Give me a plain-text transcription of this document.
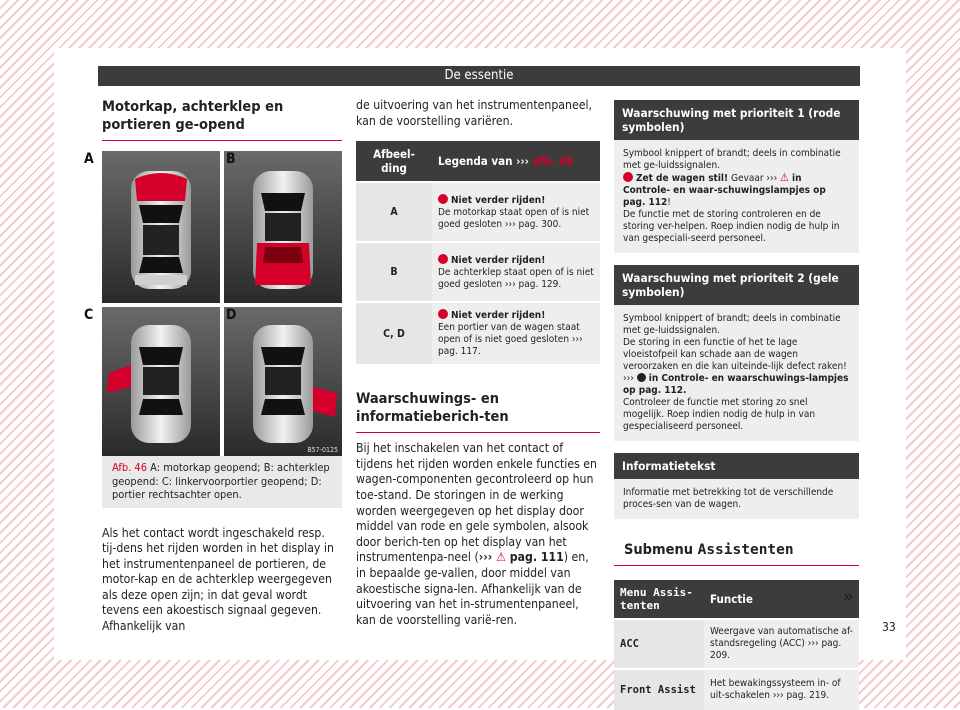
De essentie
Motorkap, achterklep en portieren ge-opend
A	B
C	D
B57-0125
Afb. 46 A: motorkap geopend; B: achterklep geopend: C: linkervoorportier geopend; D: portier rechtsachter open.

Als het contact wordt ingeschakeld resp. tij-dens het rijden worden in het display in het instrumentenpaneel de portieren, de motor-kap en de achterklep weergegeven als deze open zijn; in dat geval wordt tevens een akoestisch signaal gegeven. Afhankelijk van

de uitvoering van het instrumentenpaneel, kan de voorstelling variëren.

Afbeel-ding	Legenda van ››› afb. 46
A	Niet verder rijden!
De motorkap staat open of is niet goed gesloten ››› pag. 300.
B	Niet verder rijden!
De achterklep staat open of is niet goed gesloten ››› pag. 129.
C, D	Niet verder rijden!
Een portier van de wagen staat open of is niet goed gesloten ››› pag. 117.
Waarschuwings- en informatieberich-ten

Bij het inschakelen van het contact of tijdens het rijden worden enkele functies en wagen-componenten gecontroleerd op hun toe-stand. De storingen in de werking worden weergegeven op het display door middel van rode en gele symbolen, alsook door berich-ten op het display van het instrumentenpa-neel (››› ⚠ pag. 111) en, in bepaalde ge-vallen, door middel van akoestische signa-len. Afhankelijk van de uitvoering van het in-strumentenpaneel, kan de voorstelling varië-ren.

Waarschuwing met prioriteit 1 (rode symbolen)
Symbool knippert of brandt; deels in combinatie met ge-luidssignalen.
Zet de wagen stil! Gevaar ››› ⚠ in Controle- en waar-schuwingslampjes op pag. 112!
De functie met de storing controleren en de storing ver-helpen. Roep indien nodig de hulp in van gespeciali-seerd personeel.
Waarschuwing met prioriteit 2 (gele symbolen)
Symbool knippert of brandt; deels in combinatie met ge-luidssignalen.
De storing in een functie of het te lage vloeistofpeil kan schade aan de wagen veroorzaken en die kan uiteinde-lijk defect raken! ›››  in Controle- en waarschuwings-lampjes op pag. 112.
Controleer de functie met storing zo snel mogelijk. Roep indien nodig de hulp in van gespecialiseerd personeel.
Informatietekst
Informatie met betrekking tot de verschillende proces-sen van de wagen.
Submenu Assistenten
Menu Assis-tenten	Functie
ACC	Weergave van automatische af-standsregeling (ACC) ››› pag. 209.
Front Assist	Het bewakingssysteem in- of uit-schakelen ››› pag. 219.
»
33
